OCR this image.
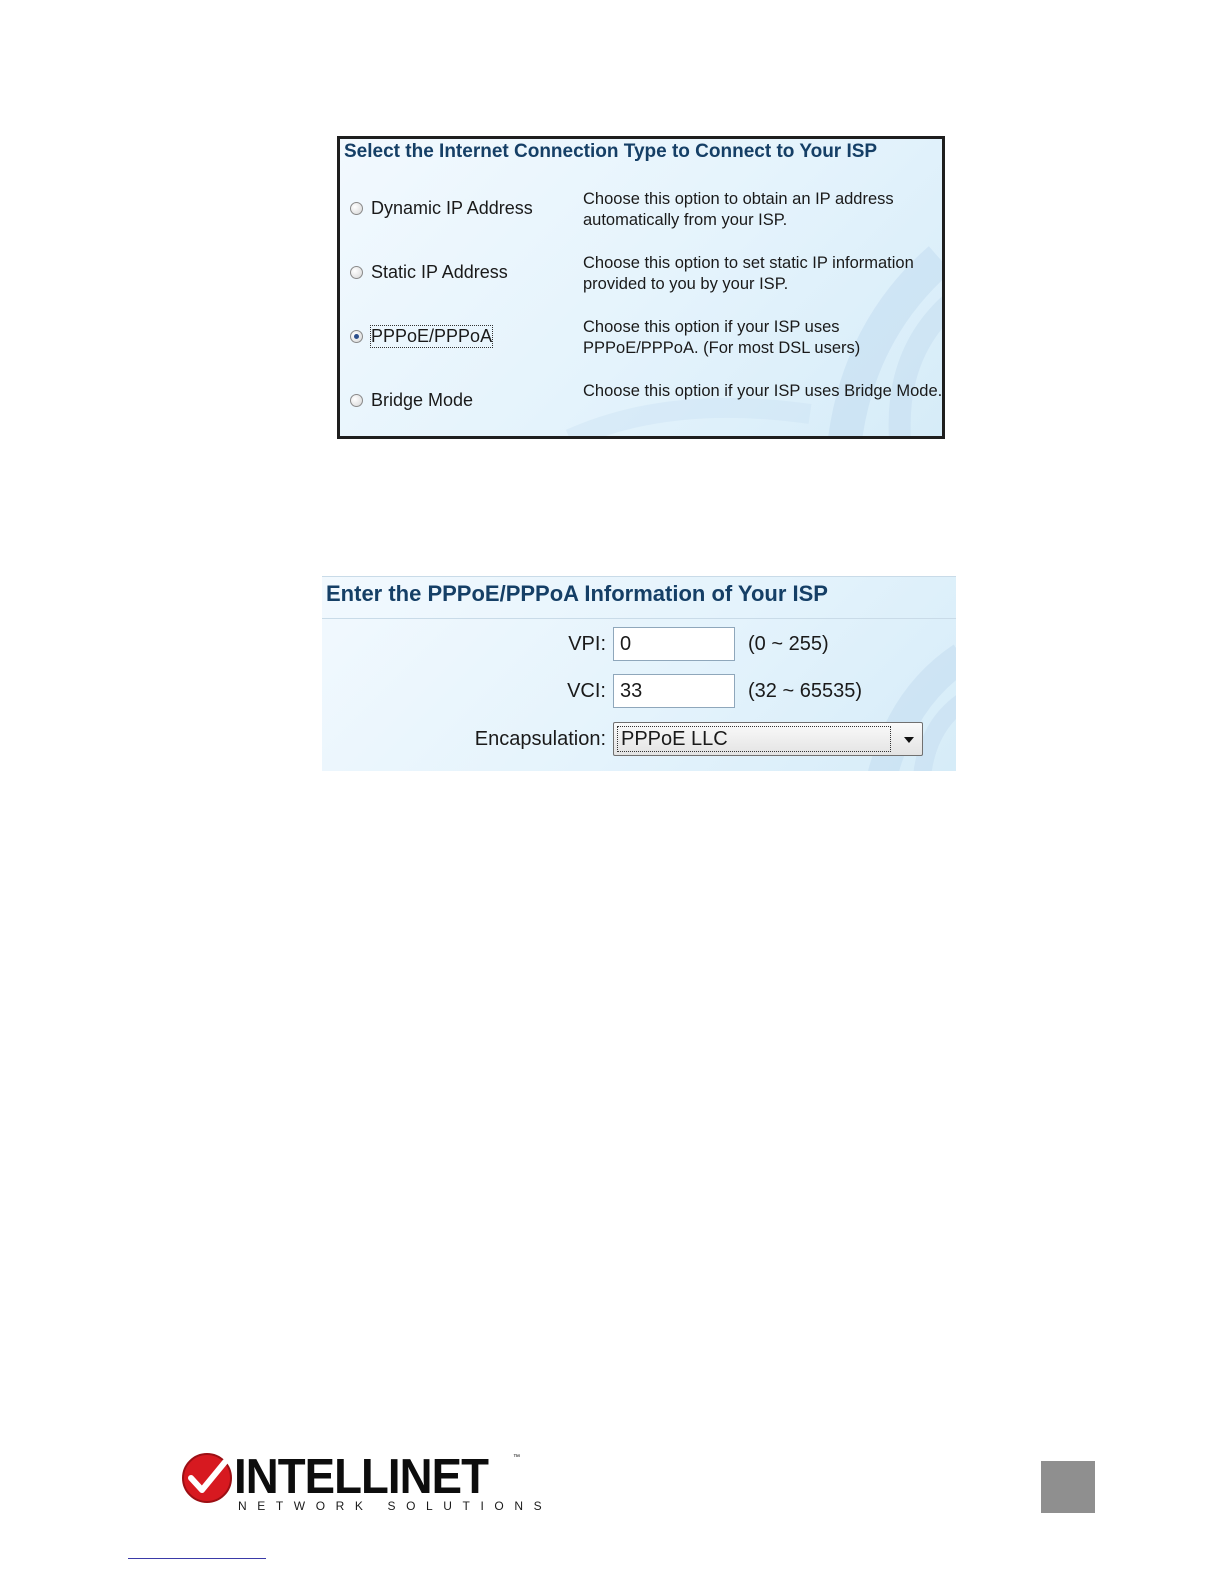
Select the Internet Connection Type to Connect to Your ISP
Dynamic IP Address	Choose this option to obtain an IP address automatically from your ISP.
Static IP Address	Choose this option to set static IP information provided to you by your ISP.
PPPoE/PPPoA	Choose this option if your ISP uses PPPoE/PPPoA. (For most DSL users)
Bridge Mode	Choose this option if your ISP uses Bridge Mode.
Enter the PPPoE/PPPoA Information of Your ISP
VPI:
0	(0 ~ 255)
VCI:
33	(32 ~ 65535)
Encapsulation: PPPoE LLC
INTELLINET	™
NETWORK SOLUTIONS
